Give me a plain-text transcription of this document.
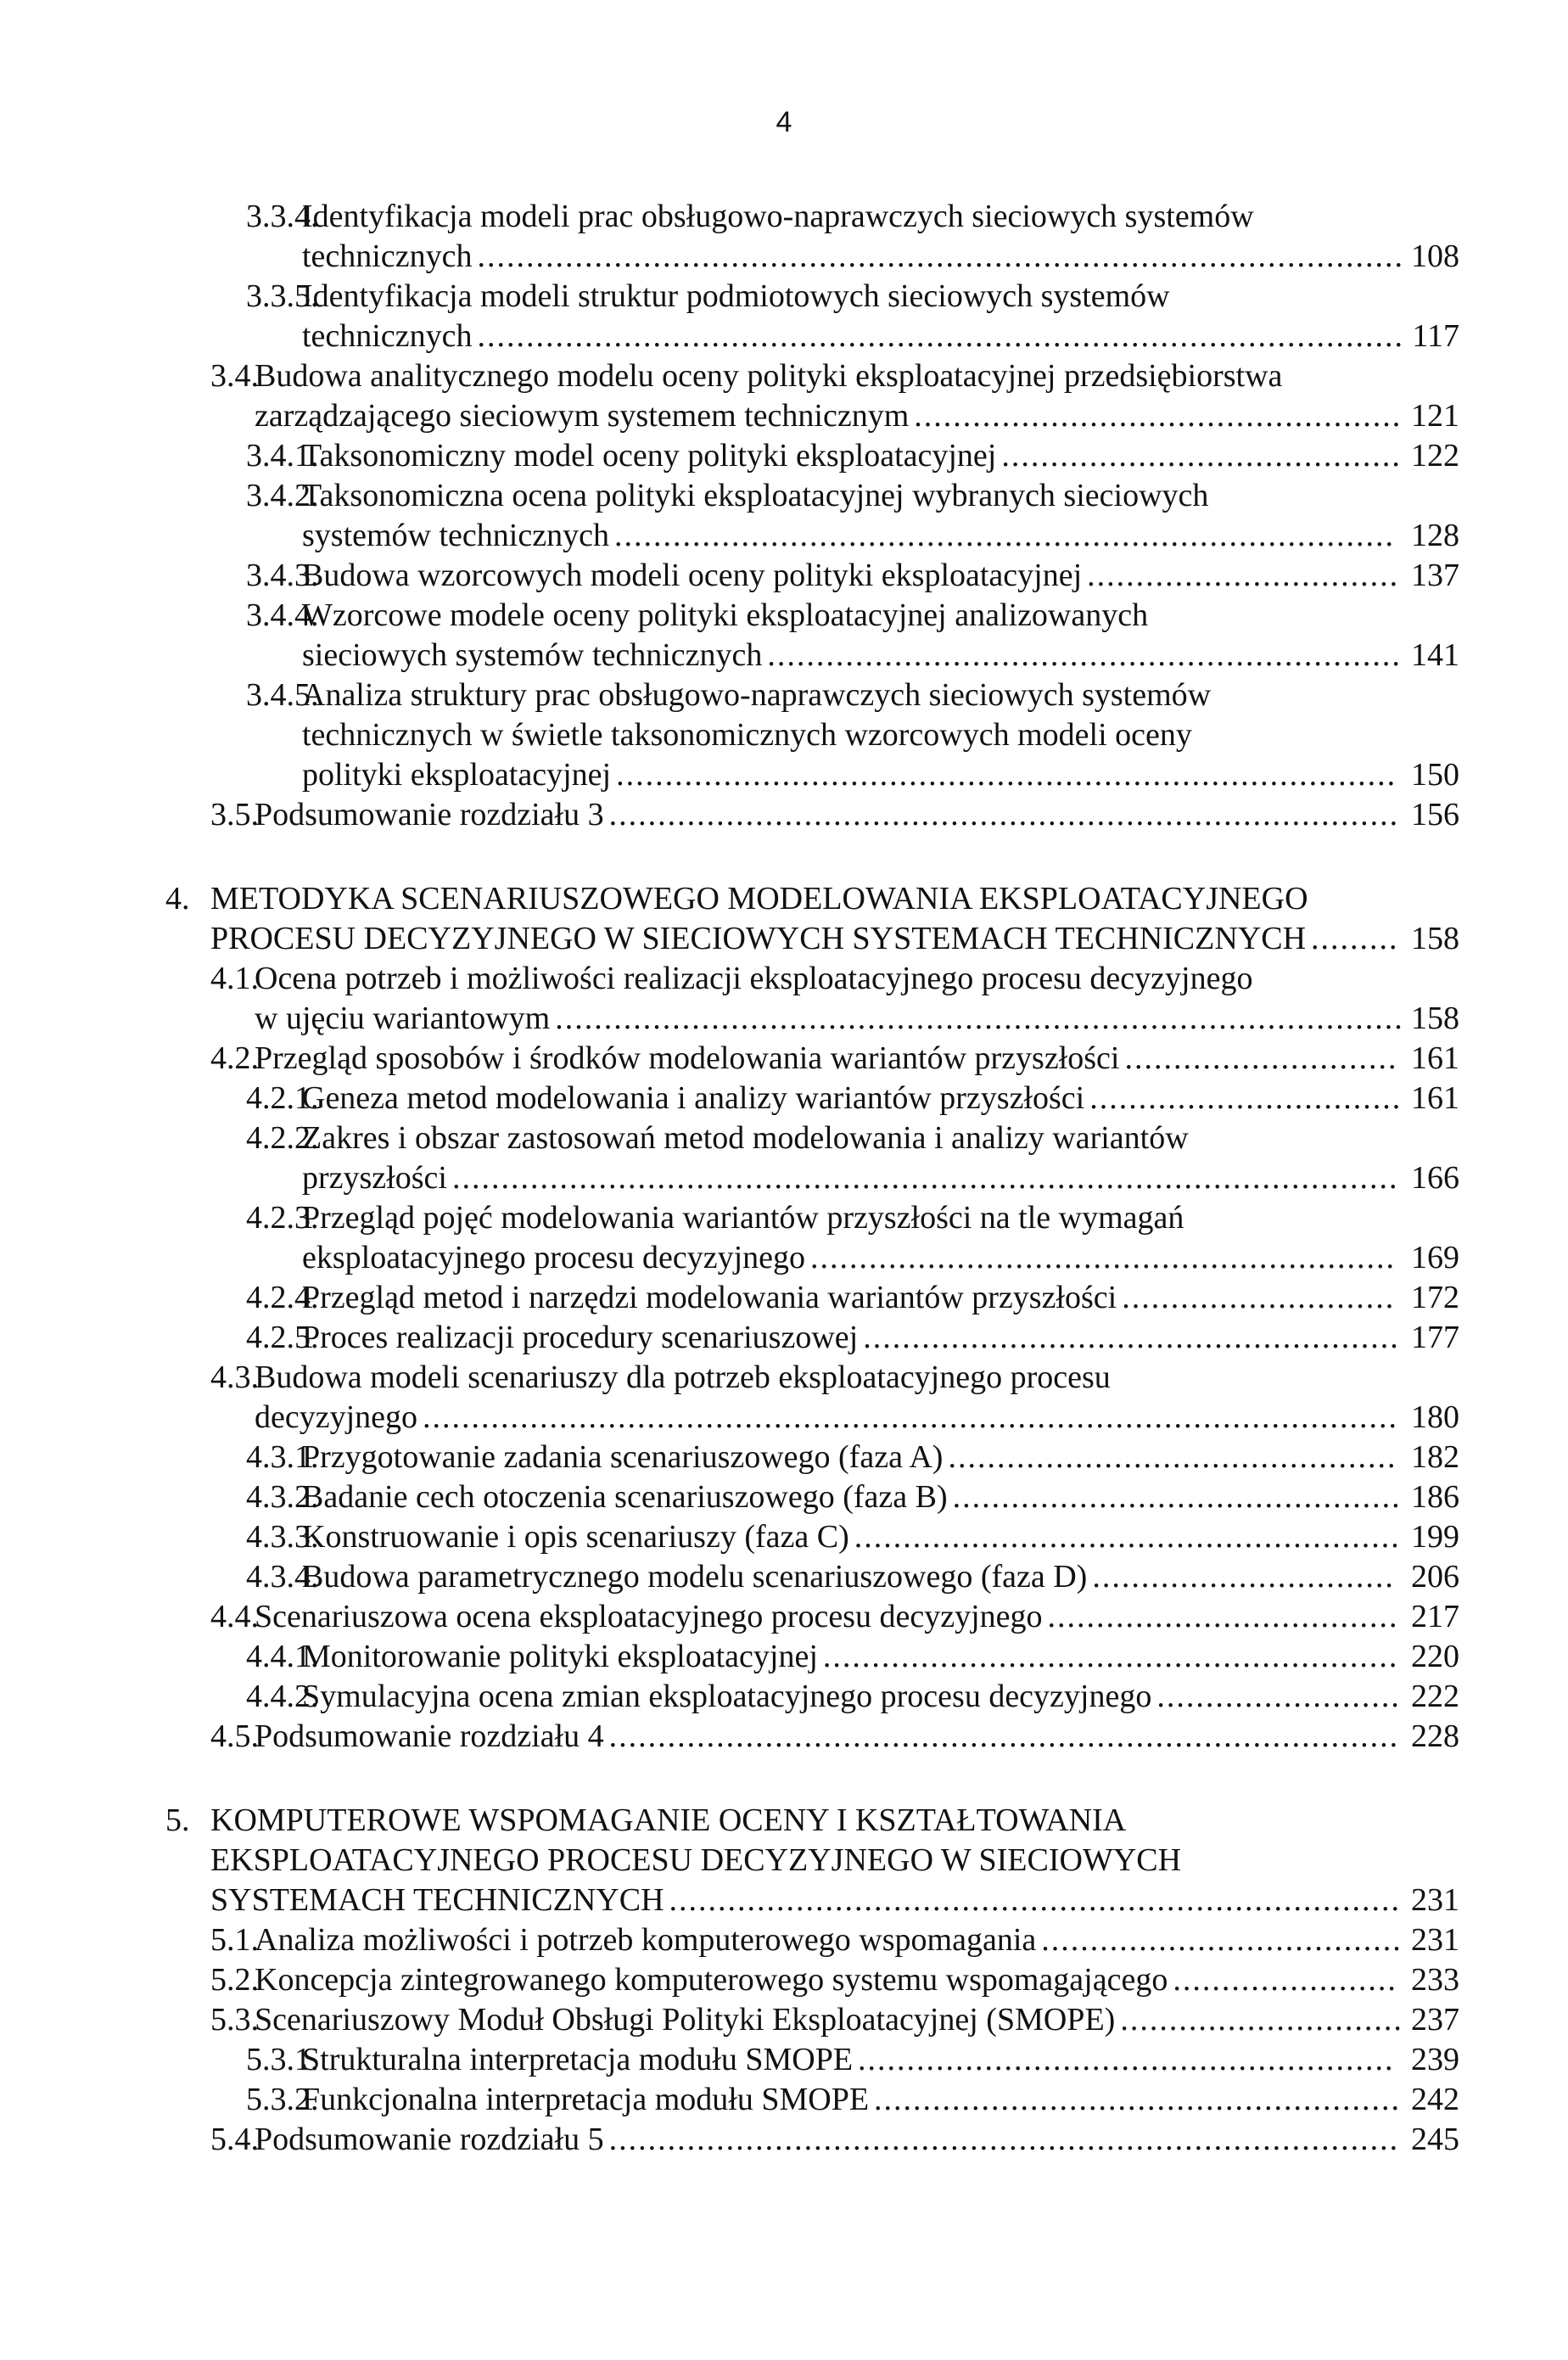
4
3.3.4.
Identyfikacja modeli prac obsługowo-naprawczych sieciowych systemów
technicznych ............................................................................................... 108
3.3.5.
Identyfikacja modeli struktur podmiotowych sieciowych systemów
technicznych ............................................................................................... 117
3.4.
Budowa analitycznego modelu oceny polityki eksploatacyjnej przedsiębiorstwa
zarządzającego sieciowym systemem technicznym .................................................. 121
3.4.1.
Taksonomiczny model oceny polityki eksploatacyjnej ......................................... 122
3.4.2.
Taksonomiczna ocena polityki eksploatacyjnej wybranych sieciowych
systemów technicznych ................................................................................ 128
3.4.3.
Budowa wzorcowych modeli oceny polityki eksploatacyjnej ................................ 137
3.4.4.
Wzorcowe modele oceny polityki eksploatacyjnej analizowanych
sieciowych systemów technicznych ................................................................. 141
3.4.5.
Analiza struktury prac obsługowo-naprawczych sieciowych systemów
technicznych w świetle taksonomicznych wzorcowych modeli oceny
polityki eksploatacyjnej ................................................................................ 150
3.5.
Podsumowanie rozdziału 3 ................................................................................. 156
4. METODYKA SCENARIUSZOWEGO MODELOWANIA EKSPLOATACYJNEGO
PROCESU DECYZYJNEGO W SIECIOWYCH SYSTEMACH TECHNICZNYCH ......... 158
4.1.
Ocena potrzeb i możliwości realizacji eksploatacyjnego procesu decyzyjnego
w ujęciu wariantowym ....................................................................................... 158
4.2.
Przegląd sposobów i środków modelowania wariantów przyszłości ............................ 161
4.2.1.
Geneza metod modelowania i analizy wariantów przyszłości ................................ 161
4.2.2.
Zakres i obszar zastosowań metod modelowania i analizy wariantów
przyszłości ................................................................................................. 166
4.2.3.
Przegląd pojęć modelowania wariantów przyszłości na tle wymagań
eksploatacyjnego procesu decyzyjnego ............................................................ 169
4.2.4.
Przegląd metod i narzędzi modelowania wariantów przyszłości ............................ 172
4.2.5.
Proces realizacji procedury scenariuszowej ....................................................... 177
4.3.
Budowa modeli scenariuszy dla potrzeb eksploatacyjnego procesu
decyzyjnego .................................................................................................... 180
4.3.1.
Przygotowanie zadania scenariuszowego (faza A) .............................................. 182
4.3.2.
Badanie cech otoczenia scenariuszowego (faza B) .............................................. 186
4.3.3.
Konstruowanie i opis scenariuszy (faza C) ........................................................ 199
4.3.4.
Budowa parametrycznego modelu scenariuszowego (faza D) ............................... 206
4.4.
Scenariuszowa ocena eksploatacyjnego procesu decyzyjnego .................................... 217
4.4.1.
Monitorowanie polityki eksploatacyjnej ........................................................... 220
4.4.2.
Symulacyjna ocena zmian eksploatacyjnego procesu decyzyjnego ......................... 222
4.5.
Podsumowanie rozdziału 4 ................................................................................. 228
5. KOMPUTEROWE WSPOMAGANIE OCENY I KSZTAŁTOWANIA
EKSPLOATACYJNEGO PROCESU DECYZYJNEGO W SIECIOWYCH
SYSTEMACH TECHNICZNYCH ........................................................................... 231
5.1.
Analiza możliwości i potrzeb komputerowego wspomagania ..................................... 231
5.2.
Koncepcja zintegrowanego komputerowego systemu wspomagającego ....................... 233
5.3.
Scenariuszowy Moduł Obsługi Polityki Eksploatacyjnej (SMOPE) ............................. 237
5.3.1.
Strukturalna interpretacja modułu SMOPE ....................................................... 239
5.3.2.
Funkcjonalna interpretacja modułu SMOPE ...................................................... 242
5.4.
Podsumowanie rozdziału 5 ................................................................................. 245
